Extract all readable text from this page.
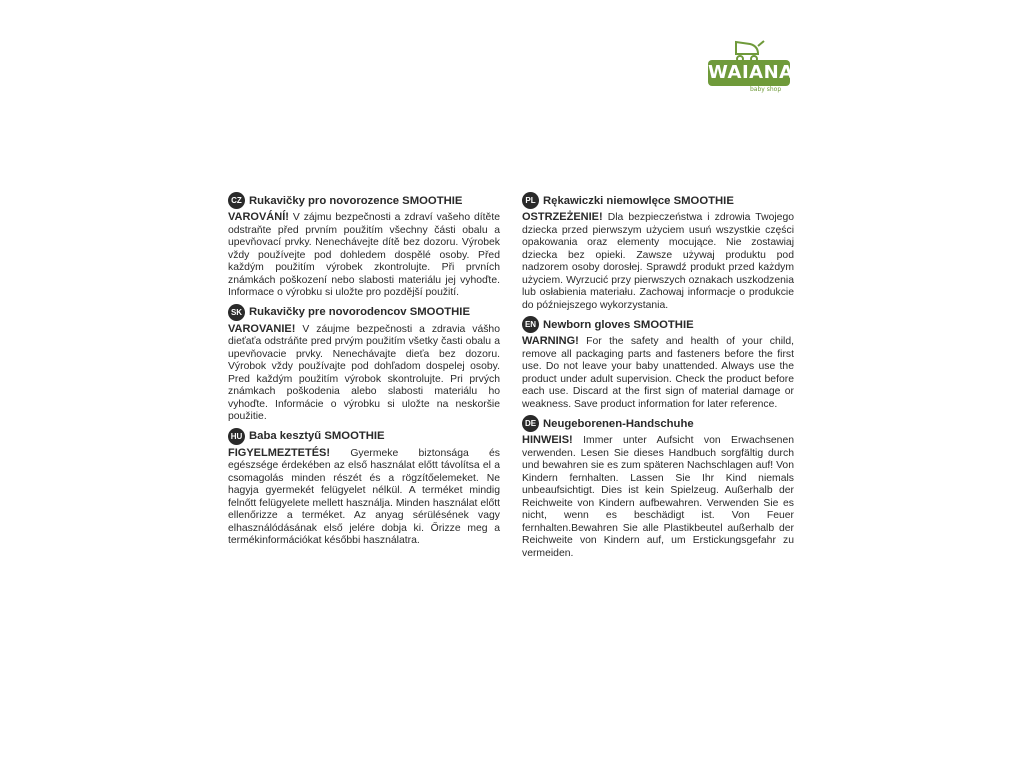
WAIANA
baby shop
CZ Rukavičky pro novorozence SMOOTHIE

VAROVÁNÍ! V zájmu bezpečnosti a zdraví vašeho dítěte odstraňte před prvním použitím všechny části obalu a upevňovací prvky. Nenechávejte dítě bez dozoru. Výrobek vždy používejte pod dohledem dospělé osoby. Před každým použitím výrobek zkontrolujte. Při prvních známkách poškození nebo slabosti materiálu jej vyhoďte. Informace o výrobku si uložte pro pozdější použití.

SK Rukavičky pre novorodencov SMOOTHIE

VAROVANIE! V záujme bezpečnosti a zdravia vášho dieťaťa odstráňte pred prvým použitím všetky časti obalu a upevňovacie prvky. Nenechávajte dieťa bez dozoru. Výrobok vždy používajte pod dohľadom dospelej osoby. Pred každým použitím výrobok skontrolujte. Pri prvých známkach poškodenia alebo slabosti materiálu ho vyhoďte. Informácie o výrobku si uložte na neskoršie použitie.

HU Baba kesztyű SMOOTHIE

FIGYELMEZTETÉS! Gyermeke biztonsága és egészsége érdekében az első használat előtt távolítsa el a csomagolás minden részét és a rögzítőelemeket. Ne hagyja gyermekét felügyelet nélkül. A terméket mindig felnőtt felügyelete mellett használja. Minden használat előtt ellenőrizze a terméket. Az anyag sérülésének vagy elhasználódásának első jelére dobja ki. Őrizze meg a termékinformációkat későbbi használatra.

PL Rękawiczki niemowlęce SMOOTHIE

OSTRZEŻENIE! Dla bezpieczeństwa i zdrowia Twojego dziecka przed pierwszym użyciem usuń wszystkie części opakowania oraz elementy mocujące. Nie zostawiaj dziecka bez opieki. Zawsze używaj produktu pod nadzorem osoby dorosłej. Sprawdź produkt przed każdym użyciem. Wyrzucić przy pierwszych oznakach uszkodzenia lub osłabienia materiału. Zachowaj informacje o produkcie do późniejszego wykorzystania.

EN Newborn gloves SMOOTHIE

WARNING! For the safety and health of your child, remove all packaging parts and fasteners before the first use. Do not leave your baby unattended. Always use the product under adult supervision. Check the product before each use. Discard at the first sign of material damage or weakness. Save product information for later reference.

DE Neugeborenen-Handschuhe

HINWEIS! Immer unter Aufsicht von Erwachsenen verwenden. Lesen Sie dieses Handbuch sorgfältig durch und bewahren sie es zum späteren Nachschlagen auf! Von Kindern fernhalten. Lassen Sie Ihr Kind niemals unbeaufsichtigt. Dies ist kein Spielzeug. Außerhalb der Reichweite von Kindern aufbewahren. Verwenden Sie es nicht, wenn es beschädigt ist. Von Feuer fernhalten.Bewahren Sie alle Plastikbeutel außerhalb der Reichweite von Kindern auf, um Erstickungsgefahr zu vermeiden.
